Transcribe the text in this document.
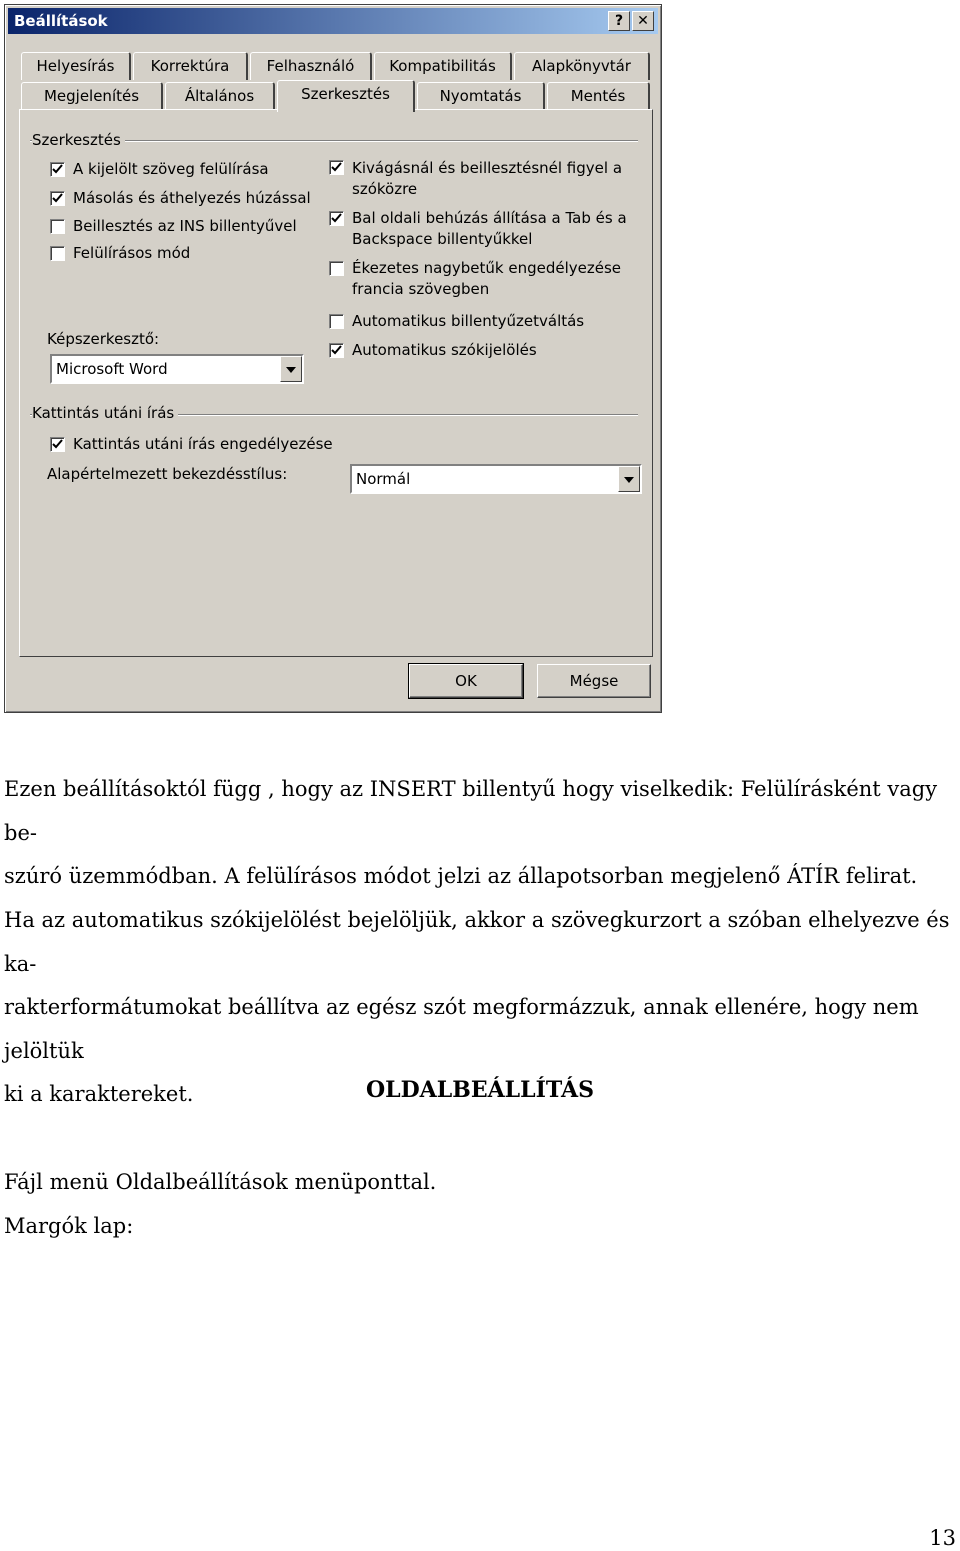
Beállítások	?	✕
Helyesírás	Korrektúra	Felhasználó	Kompatibilitás	Alapkönyvtár
Megjelenítés	Általános	Szerkesztés	Nyomtatás	Mentés
Szerkesztés
A kijelölt szöveg felülírása
Másolás és áthelyezés húzással
Beillesztés az INS billentyűvel
Felülírásos mód
Kivágásnál és beillesztésnél figyel a
szóközre
Bal oldali behúzás állítása a Tab és a
Backspace billentyűkkel
Ékezetes nagybetűk engedélyezése
francia szövegben
Automatikus billentyűzetváltás
Automatikus szókijelölés
Képszerkesztő:
Microsoft Word
Kattintás utáni írás
Kattintás utáni írás engedélyezése
Alapértelmezett bekezdésstílus:	Normál
OK	Mégse
Ezen beállításoktól függ , hogy az INSERT billentyű hogy viselkedik: Felülírásként vagy be-
szúró üzemmódban. A felülírásos módot jelzi az állapotsorban megjelenő ÁTÍR felirat.
Ha az automatikus szókijelölést bejelöljük, akkor a szövegkurzort a szóban elhelyezve és ka-
rakterformátumokat beállítva az egész szót megformázzuk, annak ellenére, hogy nem jelöltük
ki a karaktereket.	OLDALBEÁLLÍTÁS
Fájl menü Oldalbeállítások menüponttal.
Margók lap:
13
